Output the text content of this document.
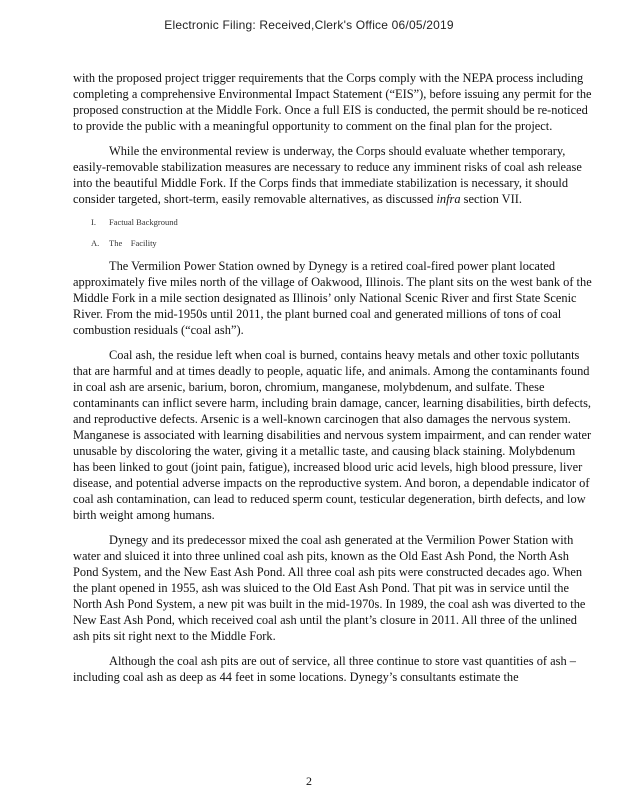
Electronic Filing: Received,Clerk's Office 06/05/2019

with the proposed project trigger requirements that the Corps comply with the NEPA process including completing a comprehensive Environmental Impact Statement (“EIS”), before issuing any permit for the proposed construction at the Middle Fork. Once a full EIS is conducted, the permit should be re-noticed to provide the public with a meaningful opportunity to comment on the final plan for the project.

While the environmental review is underway, the Corps should evaluate whether temporary, easily-removable stabilization measures are necessary to reduce any imminent risks of coal ash release into the beautiful Middle Fork. If the Corps finds that immediate stabilization is necessary, it should consider targeted, short-term, easily removable alternatives, as discussed infra section VII.

I. Factual Background
A. The    Facility

The Vermilion Power Station owned by Dynegy is a retired coal-fired power plant located approximately five miles north of the village of Oakwood, Illinois. The plant sits on the west bank of the Middle Fork in a mile section designated as Illinois’ only National Scenic River and first State Scenic River. From the mid-1950s until 2011, the plant burned coal and generated millions of tons of coal combustion residuals (“coal ash”).

Coal ash, the residue left when coal is burned, contains heavy metals and other toxic pollutants that are harmful and at times deadly to people, aquatic life, and animals. Among the contaminants found in coal ash are arsenic, barium, boron, chromium, manganese, molybdenum, and sulfate. These contaminants can inflict severe harm, including brain damage, cancer, learning disabilities, birth defects, and reproductive defects. Arsenic is a well-known carcinogen that also damages the nervous system. Manganese is associated with learning disabilities and nervous system impairment, and can render water unusable by discoloring the water, giving it a metallic taste, and causing black staining. Molybdenum has been linked to gout (joint pain, fatigue), increased blood uric acid levels, high blood pressure, liver disease, and potential adverse impacts on the reproductive system. And boron, a dependable indicator of coal ash contamination, can lead to reduced sperm count, testicular degeneration, birth defects, and low birth weight among humans.

Dynegy and its predecessor mixed the coal ash generated at the Vermilion Power Station with water and sluiced it into three unlined coal ash pits, known as the Old East Ash Pond, the North Ash Pond System, and the New East Ash Pond. All three coal ash pits were constructed decades ago. When the plant opened in 1955, ash was sluiced to the Old East Ash Pond. That pit was in service until the North Ash Pond System, a new pit was built in the mid-1970s. In 1989, the coal ash was diverted to the New East Ash Pond, which received coal ash until the plant’s closure in 2011. All three of the unlined ash pits sit right next to the Middle Fork.

Although the coal ash pits are out of service, all three continue to store vast quantities of ash – including coal ash as deep as 44 feet in some locations. Dynegy’s consultants estimate the

2
